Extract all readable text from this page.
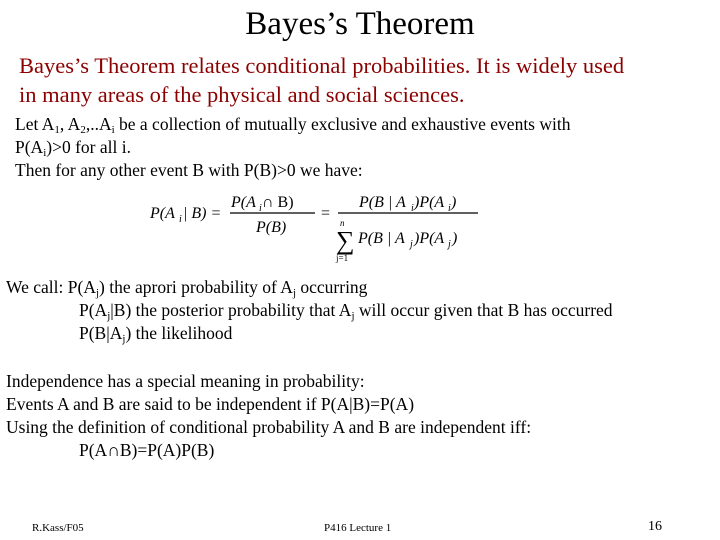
Bayes’s Theorem
Bayes’s Theorem relates conditional probabilities. It is widely used
in many areas of the physical and social sciences.
Let $A_1$, $A_2,..A_i$ be a collection of mutually exclusive and exhaustive events with
$P(A_i)>0$ for all i.
Then for any other event B with P(B)>0 we have:
P(A i | B) =
P(A i ∩ B)
P(B)
=
P(B | A i )P(A i )
n
∑
j=1
P(B | A j )P(A j )
We call: $P(A_j)$ the aprori probability of $A_j$ occurring
$P(A_j|B)$ the posterior probability that $A_j$ will occur given that B has occurred
$P(B|A_j)$ the likelihood
Independence has a special meaning in probability:
Events A and B are said to be independent if P(A|B)=P(A)
Using the definition of conditional probability A and B are independent iff:
P(A∩B)=P(A)P(B)
R.Kass/F05	P416 Lecture 1	16
